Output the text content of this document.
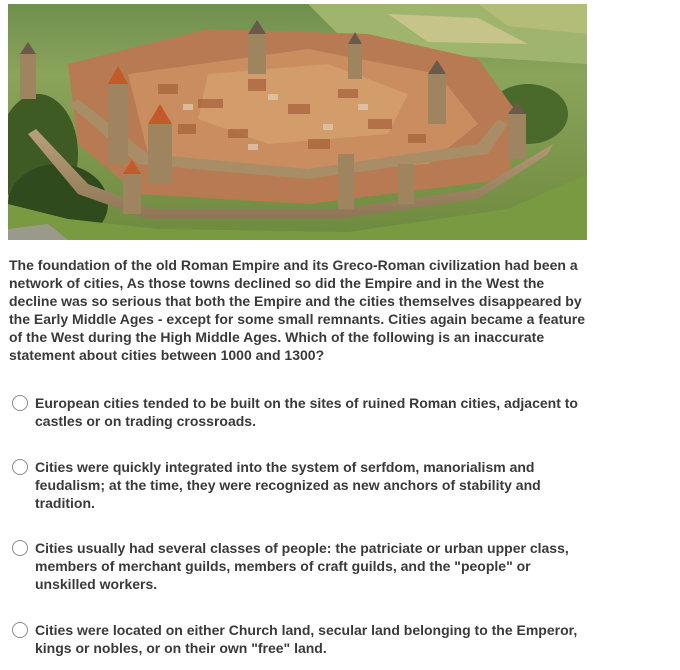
The foundation of the old Roman Empire and its Greco-Roman civilization had been a network of cities, As those towns declined so did the Empire and in the West the decline was so serious that both the Empire and the cities themselves disappeared by the Early Middle Ages - except for some small remnants. Cities again became a feature of the West during the High Middle Ages. Which of the following is an inaccurate statement about cities between 1000 and 1300?

European cities tended to be built on the sites of ruined Roman cities, adjacent to castles or on trading crossroads.
Cities were quickly integrated into the system of serfdom, manorialism and feudalism; at the time, they were recognized as new anchors of stability and tradition.
Cities usually had several classes of people: the patriciate or urban upper class, members of merchant guilds, members of craft guilds, and the "people" or unskilled workers.
Cities were located on either Church land, secular land belonging to the Emperor, kings or nobles, or on their own "free" land.
